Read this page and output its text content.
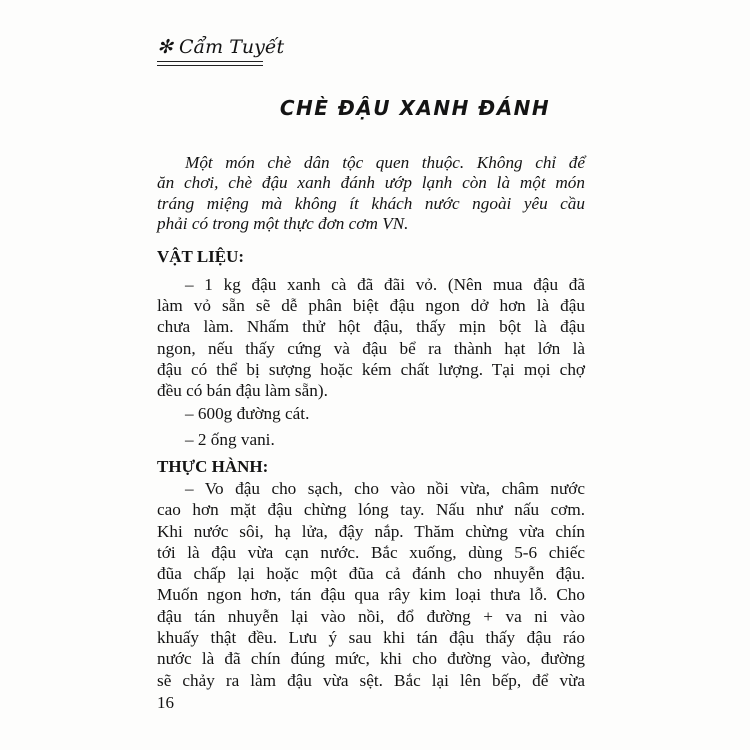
✻ Cẩm Tuyết
CHÈ ĐẬU XANH ĐÁNH
Một món chè dân tộc quen thuộc. Không chỉ để
ăn chơi, chè đậu xanh đánh ướp lạnh còn là một món
tráng miệng mà không ít khách nước ngoài yêu cầu
phải có trong một thực đơn cơm VN.
VẬT LIỆU:
– 1 kg đậu xanh cà đã đãi vỏ. (Nên mua đậu đã
làm vỏ sẵn sẽ dễ phân biệt đậu ngon dở hơn là đậu
chưa làm. Nhấm thử hột đậu, thấy mịn bột là đậu
ngon, nếu thấy cứng và đậu bể ra thành hạt lớn là
đậu có thể bị sượng hoặc kém chất lượng. Tại mọi chợ
đều có bán đậu làm sẵn).
– 600g đường cát.
– 2 ống vani.
THỰC HÀNH:
– Vo đậu cho sạch, cho vào nồi vừa, châm nước
cao hơn mặt đậu chừng lóng tay. Nấu như nấu cơm.
Khi nước sôi, hạ lửa, đậy nắp. Thăm chừng vừa chín
tới là đậu vừa cạn nước. Bắc xuống, dùng 5-6 chiếc
đũa chấp lại hoặc một đũa cả đánh cho nhuyễn đậu.
Muốn ngon hơn, tán đậu qua rây kim loại thưa lỗ. Cho
đậu tán nhuyễn lại vào nồi, đổ đường + va ni vào
khuấy thật đều. Lưu ý sau khi tán đậu thấy đậu ráo
nước là đã chín đúng mức, khi cho đường vào, đường
sẽ chảy ra làm đậu vừa sệt. Bắc lại lên bếp, để vừa
16
